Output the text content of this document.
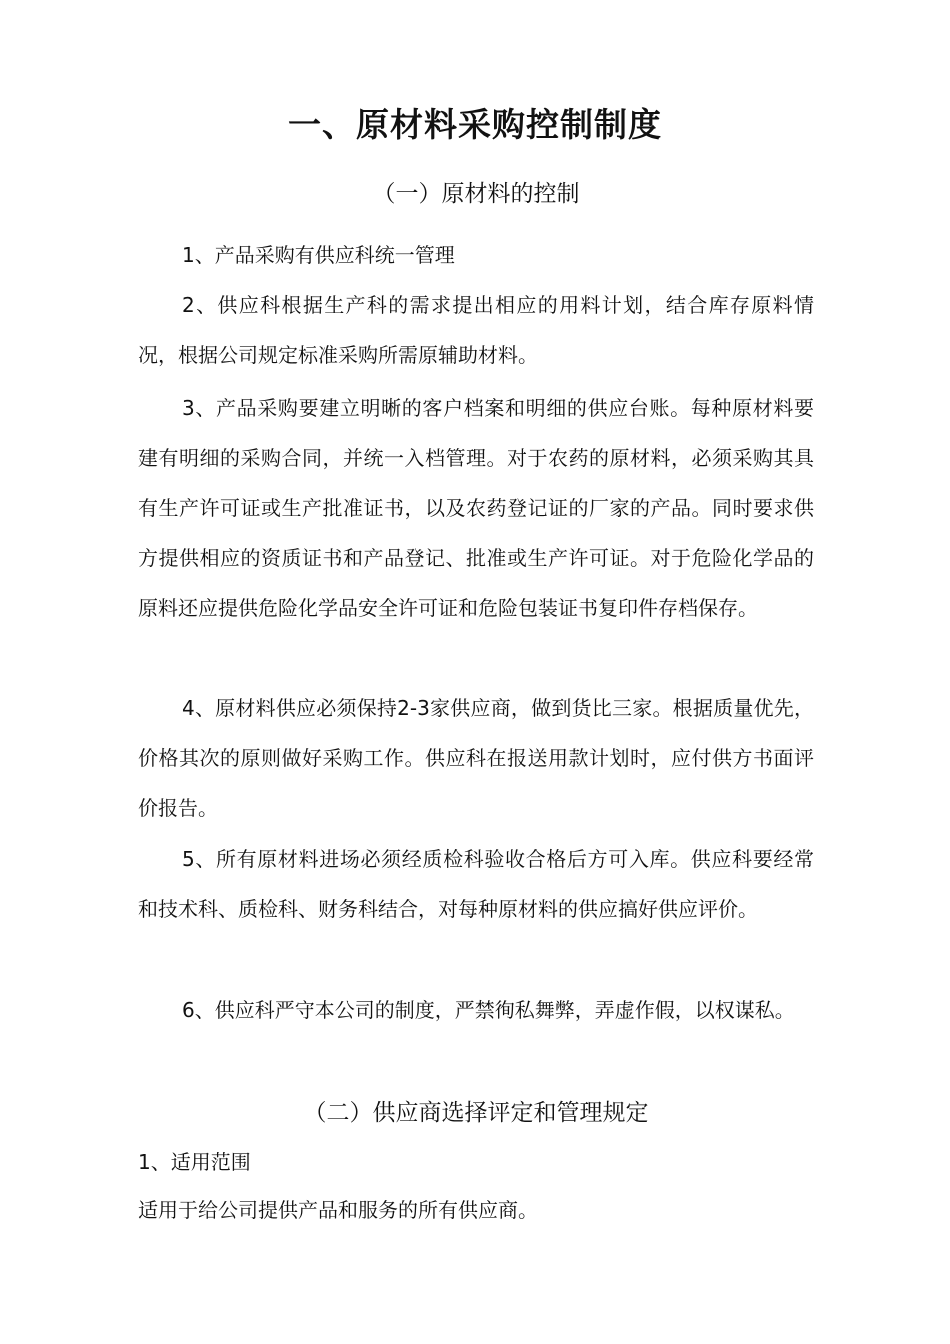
一、原材料采购控制制度
（一）原材料的控制

1、产品采购有供应科统一管理

2、供应科根据生产科的需求提出相应的用料计划，结合库存原料情况，根据公司规定标准采购所需原辅助材料。

3、产品采购要建立明晰的客户档案和明细的供应台账。每种原材料要建有明细的采购合同，并统一入档管理。对于农药的原材料，必须采购其具有生产许可证或生产批准证书，以及农药登记证的厂家的产品。同时要求供方提供相应的资质证书和产品登记、批准或生产许可证。对于危险化学品的原料还应提供危险化学品安全许可证和危险包装证书复印件存档保存。

4、原材料供应必须保持2-3家供应商，做到货比三家。根据质量优先，价格其次的原则做好采购工作。供应科在报送用款计划时，应付供方书面评价报告。

5、所有原材料进场必须经质检科验收合格后方可入库。供应科要经常和技术科、质检科、财务科结合，对每种原材料的供应搞好供应评价。

6、供应科严守本公司的制度，严禁徇私舞弊，弄虚作假，以权谋私。

（二）供应商选择评定和管理规定

1、适用范围

适用于给公司提供产品和服务的所有供应商。
